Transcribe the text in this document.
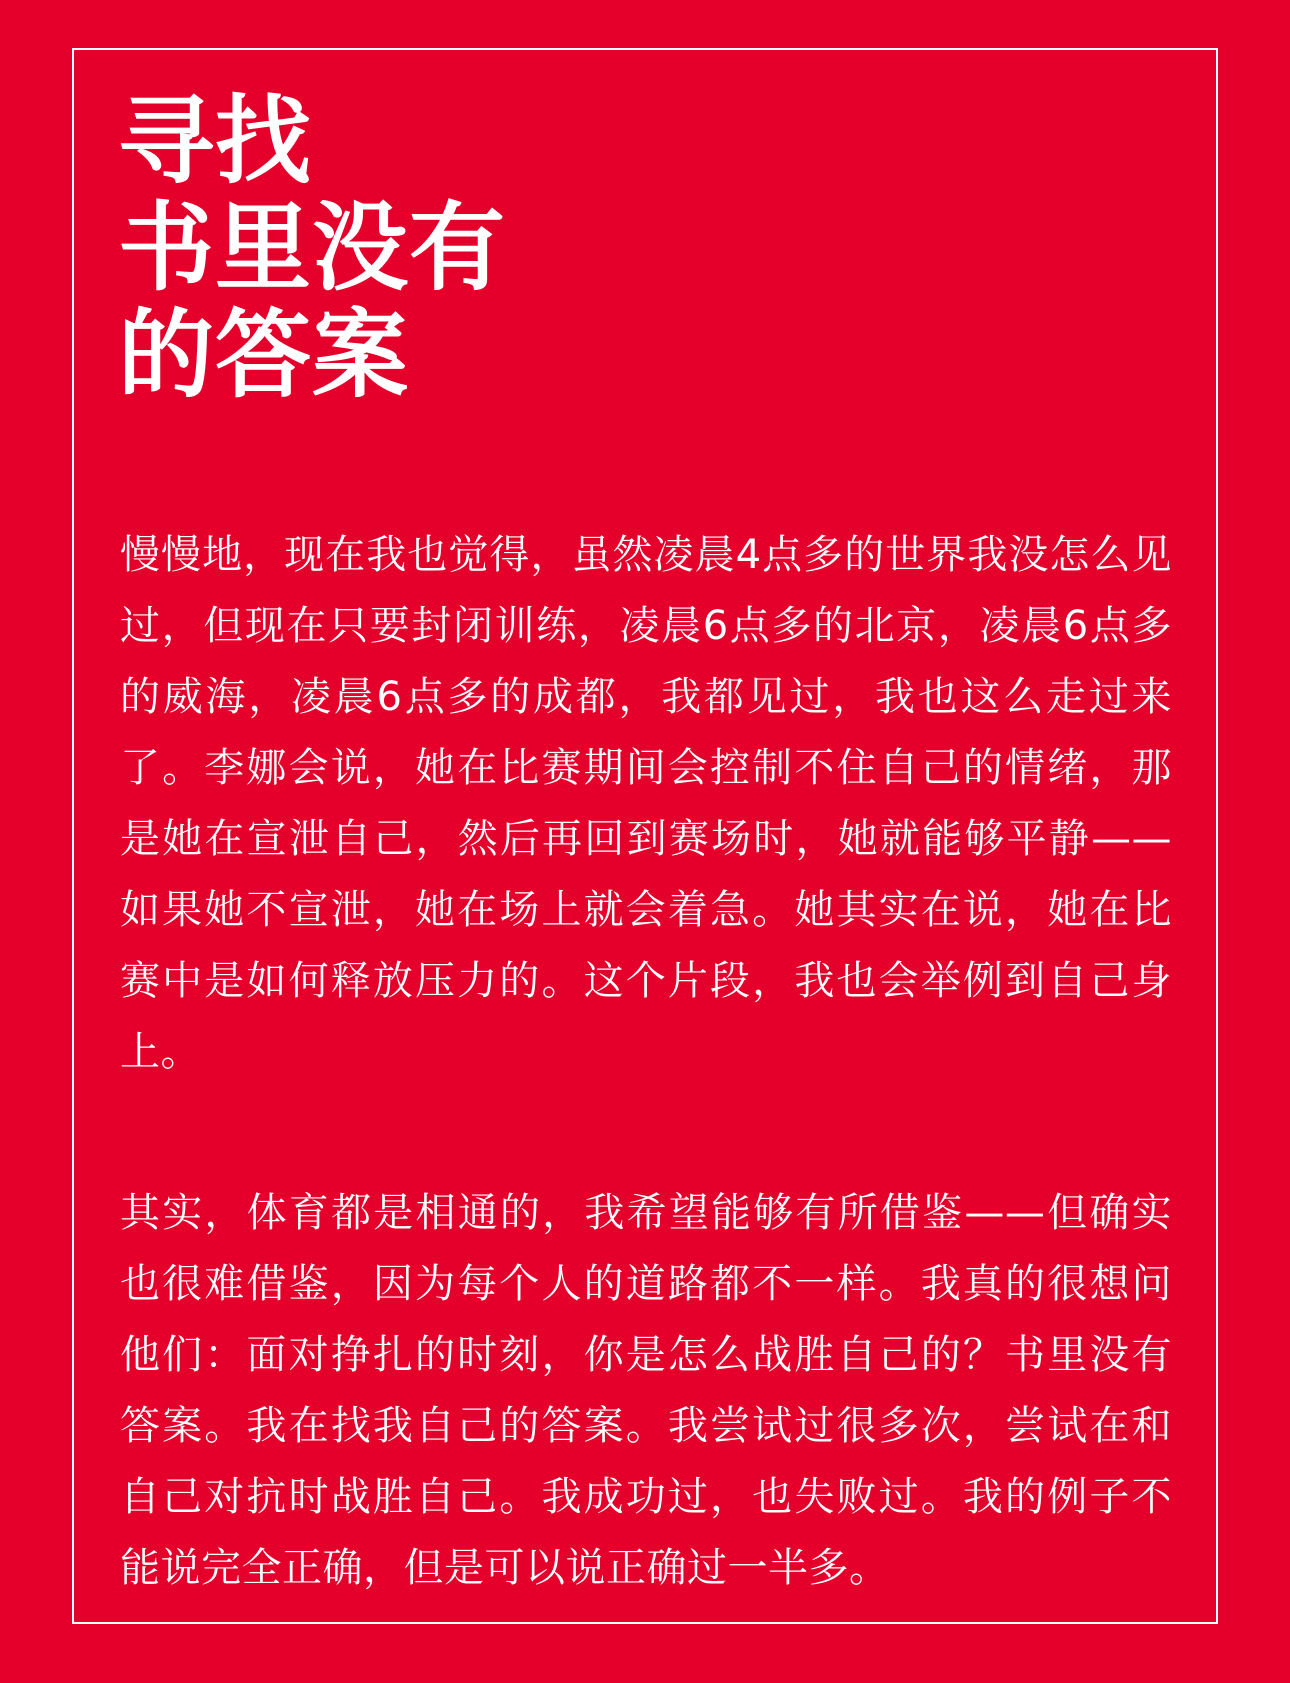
寻找
书里没有
的答案

慢慢地，现在我也觉得，虽然凌晨4点多的世界我没怎么见过，但现在只要封闭训练，凌晨6点多的北京，凌晨6点多的威海，凌晨6点多的成都，我都见过，我也这么走过来了。李娜会说，她在比赛期间会控制不住自己的情绪，那是她在宣泄自己，然后再回到赛场时，她就能够平静——如果她不宣泄，她在场上就会着急。她其实在说，她在比赛中是如何释放压力的。这个片段，我也会举例到自己身上。

其实，体育都是相通的，我希望能够有所借鉴——但确实也很难借鉴，因为每个人的道路都不一样。我真的很想问他们：面对挣扎的时刻，你是怎么战胜自己的？书里没有答案。我在找我自己的答案。我尝试过很多次，尝试在和自己对抗时战胜自己。我成功过，也失败过。我的例子不能说完全正确，但是可以说正确过一半多。
